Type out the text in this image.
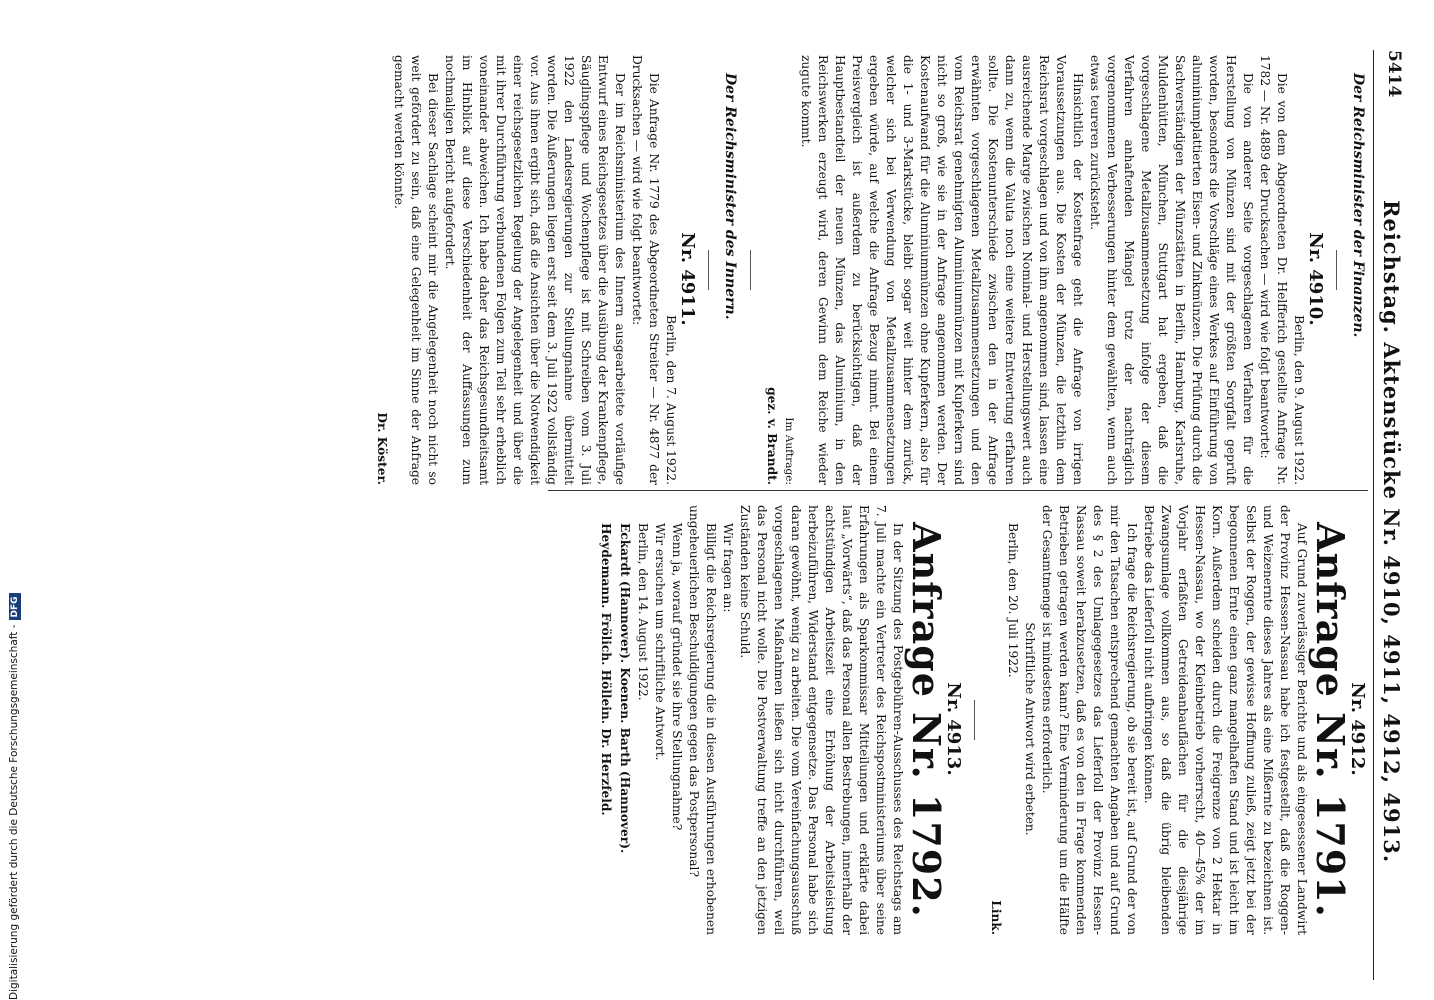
5414
Reichstag. Aktenstücke Nr. 4910, 4911, 4912, 4913.

Der Reichsminister der Finanzen.

Nr. 4910.

Berlin, den 9. August 1922.

Die von dem Abgeordneten Dr. Helfferich gestellte Anfrage Nr. 1782 — Nr. 4889 der Drucksachen — wird wie folgt beantwortet:

Die von anderer Seite vorgeschlagenen Verfahren für die Herstellung von Münzen sind mit der größten Sorgfalt geprüft worden, besonders die Vorschläge eines Werkes auf Einführung von aluminiumplattierten Eisen- und Zinkmünzen. Die Prüfung durch die Sachverständigen der Münzstätten in Berlin, Hamburg, Karlsruhe, Muldenhütten, München, Stuttgart hat ergeben, daß die vorgeschlagene Metallzusammensetzung infolge der diesem Verfahren anhaftenden Mängel trotz der nachträglich vorgenommenen Verbesserungen hinter dem gewählten, wenn auch etwas teureren zurücksteht.

Hinsichtlich der Kostenfrage geht die Anfrage von irrigen Voraussetzungen aus. Die Kosten der Münzen, die letzthin dem Reichsrat vorgeschlagen und von ihm angenommen sind, lassen eine ausreichende Marge zwischen Nominal- und Herstellungswert auch dann zu, wenn die Valuta noch eine weitere Entwertung erfahren sollte. Die Kostenunterschiede zwischen den in der Anfrage erwähnten vorgeschlagenen Metallzusammensetzungen und den vom Reichsrat genehmigten Aluminiummünzen mit Kupferkern sind nicht so groß, wie sie in der Anfrage angenommen werden. Der Kostenaufwand für die Aluminiummünzen ohne Kupferkern, also für die 1- und 3-Markstücke, bleibt sogar weit hinter dem zurück, welcher sich bei Verwendung von Metallzusammensetzungen ergeben würde, auf welche die Anfrage Bezug nimmt. Bei einem Preisvergleich ist außerdem zu berücksichtigen, daß der Hauptbestandteil der neuen Münzen, das Aluminium, in den Reichswerken erzeugt wird, deren Gewinn dem Reiche wieder zugute kommt.

Im Auftrage:

gez. v. Brandt.

Der Reichsminister des Innern.

Nr. 4911.

Berlin, den 7. August 1922.

Die Anfrage Nr. 1779 des Abgeordneten Streiter — Nr. 4877 der Drucksachen — wird wie folgt beantwortet:

Der im Reichsministerium des Innern ausgearbeitete vorläufige Entwurf eines Reichsgesetzes über die Ausübung der Krankenpflege, Säuglingspflege und Wochenpflege ist mit Schreiben vom 3. Juli 1922 den Landesregierungen zur Stellungnahme übermittelt worden. Die Äußerungen liegen erst seit dem 3. Juli 1922 vollständig vor. Aus ihnen ergibt sich, daß die Ansichten über die Notwendigkeit einer reichsgesetzlichen Regelung der Angelegenheit und über die mit ihrer Durchführung verbundenen Folgen zum Teil sehr erheblich voneinander abweichen. Ich habe daher das Reichsgesundheitsamt im Hinblick auf diese Verschiedenheit der Auffassungen zum nochmaligen Bericht aufgefordert.

Bei dieser Sachlage scheint mir die Angelegenheit noch nicht so weit gefördert zu sein, daß eine Gelegenheit im Sinne der Anfrage gemacht werden könnte.

Dr. Köster.

Nr. 4912.

Anfrage Nr. 1791.

Auf Grund zuverlässiger Berichte und als eingesessener Landwirt der Provinz Hessen-Nassau habe ich festgestellt, daß die Roggen- und Weizenernte dieses Jahres als eine Mißernte zu bezeichnen ist. Selbst der Roggen, der gewisse Hoffnung zuließ, zeigt jetzt bei der begonnenen Ernte einen ganz mangelhaften Stand und ist leicht im Korn. Außerdem scheiden durch die Freigrenze von 2 Hektar in Hessen-Nassau, wo der Kleinbetrieb vorherrscht, 40—45% der im Vorjahr erfaßten Getreideanbauflächen für die diesjährige Zwangsumlage vollkommen aus, so daß die übrig bleibenden Betriebe das Lieferſoll nicht aufbringen können.

Ich frage die Reichsregierung, ob sie bereit ist, auf Grund der von mir den Tatsachen entsprechend gemachten Angaben und auf Grund des § 2 des Umlagegesetzes das Lieferſoll der Provinz Hessen-Nassau soweit herabzusetzen, daß es von den in Frage kommenden Betrieben getragen werden kann? Eine Verminderung um die Hälfte der Gesamtmenge ist mindestens erforderlich.

Schriftliche Antwort wird erbeten.

Berlin, den 20. Juli 1922.

Link.

Nr. 4913.

Anfrage Nr. 1792.

In der Sitzung des Postgebühren-Ausschusses des Reichstags am 7. Juli machte ein Vertreter des Reichspostministeriums über seine Erfahrungen als Sparkommissar Mitteilungen und erklärte dabei laut „Vorwärts“, daß das Personal allen Bestrebungen, innerhalb der achtstündigen Arbeitszeit eine Erhöhung der Arbeitsleistung herbeizuführen, Widerstand entgegensetze. Das Personal habe sich daran gewöhnt, wenig zu arbeiten. Die vom Vereinfachungsausschuß vorgeschlagenen Maßnahmen ließen sich nicht durchführen, weil das Personal nicht wolle. Die Postverwaltung treffe an den jetzigen Zuständen keine Schuld.

Wir fragen an:

Billigt die Reichsregierung die in diesen Ausführungen erhobenen ungeheuerlichen Beschuldigungen gegen das Postpersonal?

Wenn ja, worauf gründet sie ihre Stellungnahme?

Wir ersuchen um schriftliche Antwort.

Berlin, den 14. August 1922.

Eckardt (Hannover). Koenen. Barth (Hannover).

Heydemann. Frölich. Höllein. Dr. Herzfeld.

Digitalisierung gefördert durch die Deutsche Forschungsgemeinschaft -DFG
